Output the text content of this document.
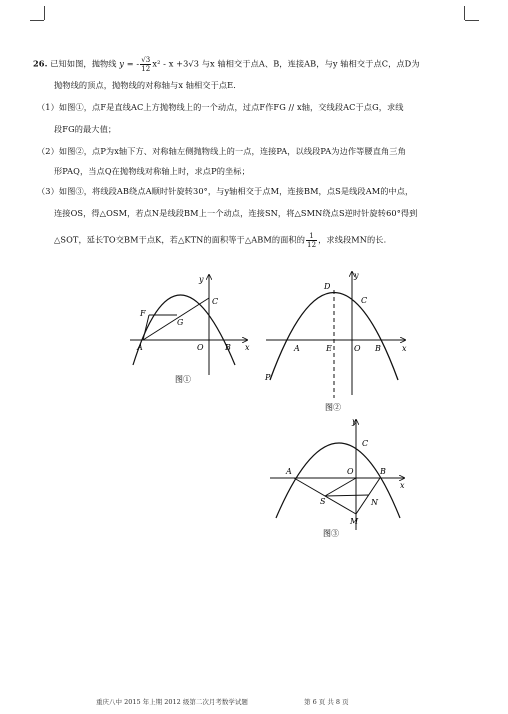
26. 已知如图，抛物线 y = - $\frac{√3}{12} x^2 - x +3√3$ 与x 轴相交于点A、B，连接AB，与y 轴相交于点C，点D为
抛物线的顶点，抛物线的对称轴与x 轴相交于点E．
（1）如图①，点F是直线AC上方抛物线上的一个动点，过点F作FG // x轴，交线段AC于点G，求线
段FG的最大值；
（2）如图②，点P为x轴下方、对称轴左侧抛物线上的一点，连接PA，以线段PA为边作等腰直角三角
形PAQ，当点Q在抛物线对称轴上时，求点P的坐标；
（3）如图③，将线段AB绕点A顺时针旋转30°，与y轴相交于点M，连接BM，点S是线段AM的中点，
连接OS，得△OSM，若点N是线段BM上一个动点，连接SN，将△SMN绕点S逆时针旋转60°得到
△SOT，延长TO交BM于点K，若△KTN的面积等于△ABM的面积的 $\frac{1}{12}$ ，求线段MN的长．
y
F
C
G
A	O	B x
图①
y
D
C
A	E	O B	x
P
图②
y
C
A	O	B
x
S	N
M
图③
重庆八中 2015 年上期 2012 级第二次月考数学试题	第 6 页 共 8 页
